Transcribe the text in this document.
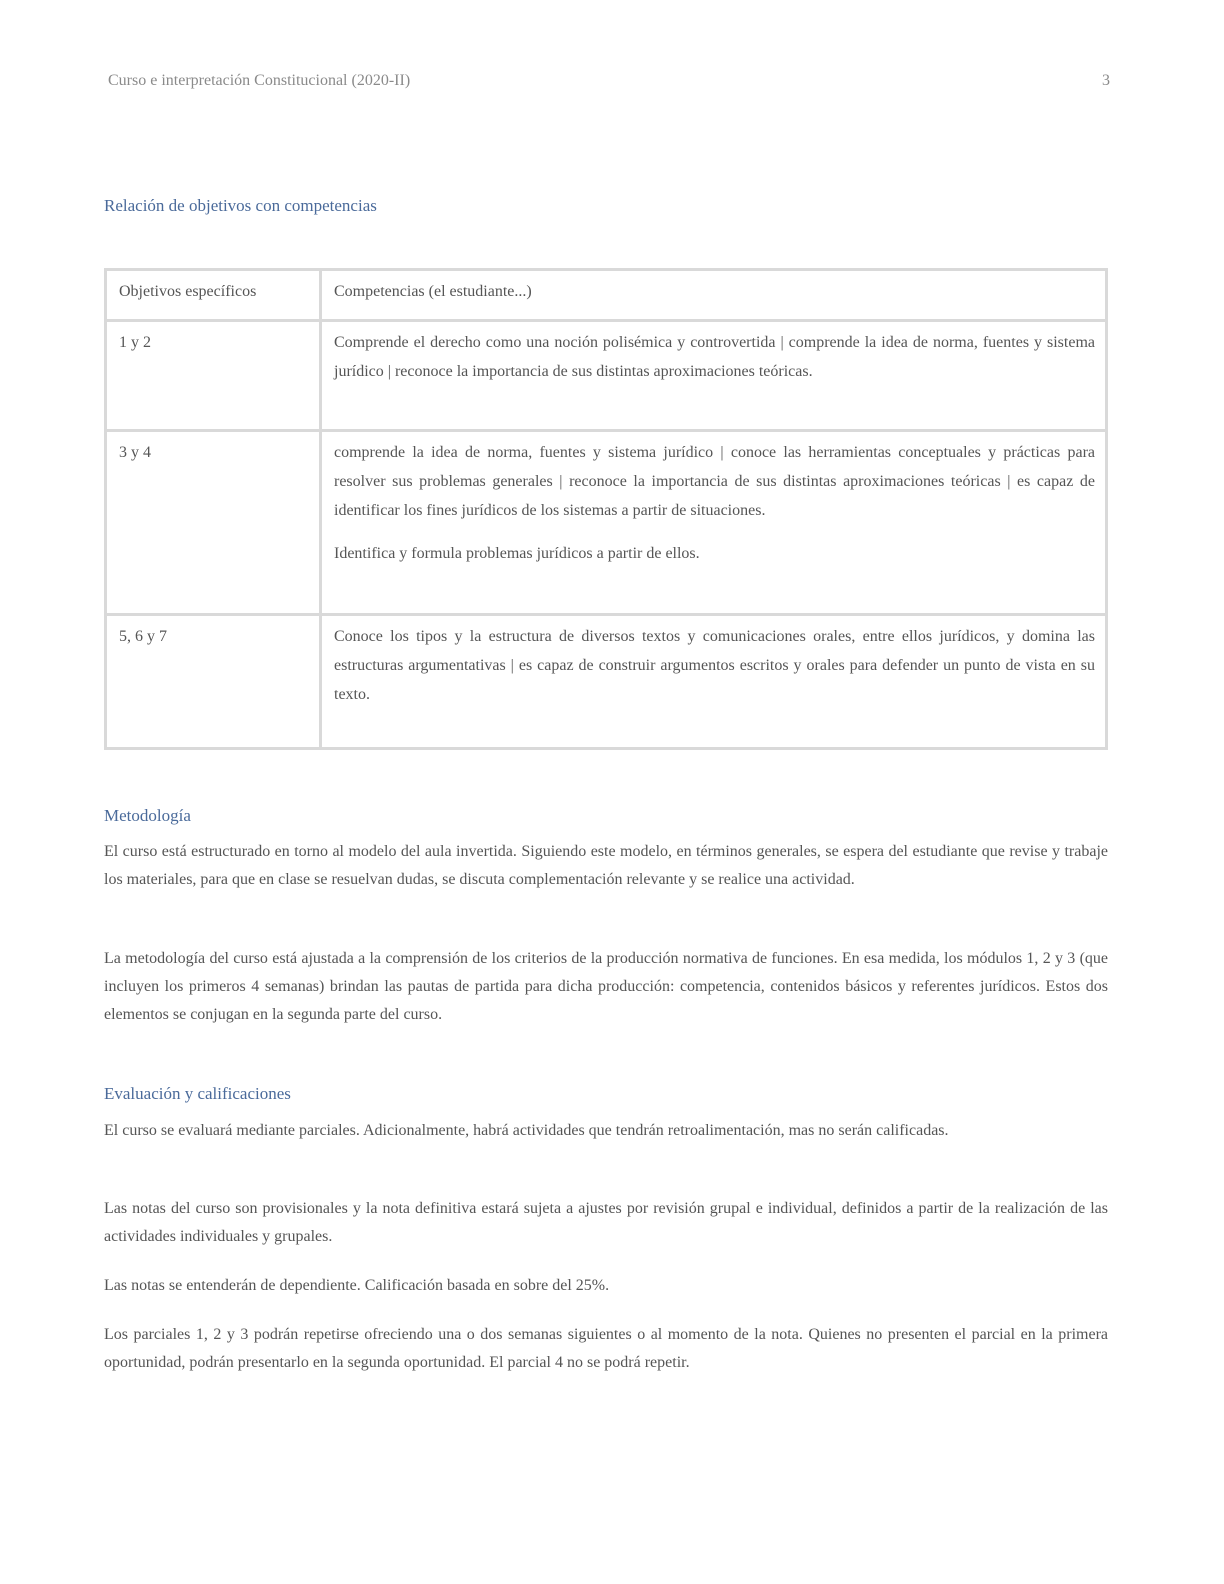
Curso e interpretación Constitucional (2020-II)	3
Relación de objetivos con competencias
Objetivos específicos	Competencias (el estudiante...)
1 y 2	Comprende el derecho como una noción polisémica y controvertida | comprende la idea de norma, fuentes y sistema jurídico | reconoce la importancia de sus distintas aproximaciones teóricas.

3 y 4	comprende la idea de norma, fuentes y sistema jurídico | conoce las herramientas conceptuales y prácticas para resolver sus problemas generales | reconoce la importancia de sus distintas aproximaciones teóricas | es capaz de identificar los fines jurídicos de los sistemas a partir de situaciones.
Identifica y formula problemas jurídicos a partir de ellos.

5, 6 y 7	Conoce los tipos y la estructura de diversos textos y comunicaciones orales, entre ellos jurídicos, y domina las estructuras argumentativas | es capaz de construir argumentos escritos y orales para defender un punto de vista en su texto.
Metodología
El curso está estructurado en torno al modelo del aula invertida. Siguiendo este modelo, en términos generales, se espera del estudiante que revise y trabaje los materiales, para que en clase se resuelvan dudas, se discuta complementación relevante y se realice una actividad.
La metodología del curso está ajustada a la comprensión de los criterios de la producción normativa de funciones. En esa medida, los módulos 1, 2 y 3 (que incluyen los primeros 4 semanas) brindan las pautas de partida para dicha producción: competencia, contenidos básicos y referentes jurídicos. Estos dos elementos se conjugan en la segunda parte del curso.
Evaluación y calificaciones
El curso se evaluará mediante parciales. Adicionalmente, habrá actividades que tendrán retroalimentación, mas no serán calificadas.
Las notas del curso son provisionales y la nota definitiva estará sujeta a ajustes por revisión grupal e individual, definidos a partir de la realización de las actividades individuales y grupales.
Las notas se entenderán de dependiente. Calificación basada en sobre del 25%.
Los parciales 1, 2 y 3 podrán repetirse ofreciendo una o dos semanas siguientes o al momento de la nota. Quienes no presenten el parcial en la primera oportunidad, podrán presentarlo en la segunda oportunidad. El parcial 4 no se podrá repetir.
